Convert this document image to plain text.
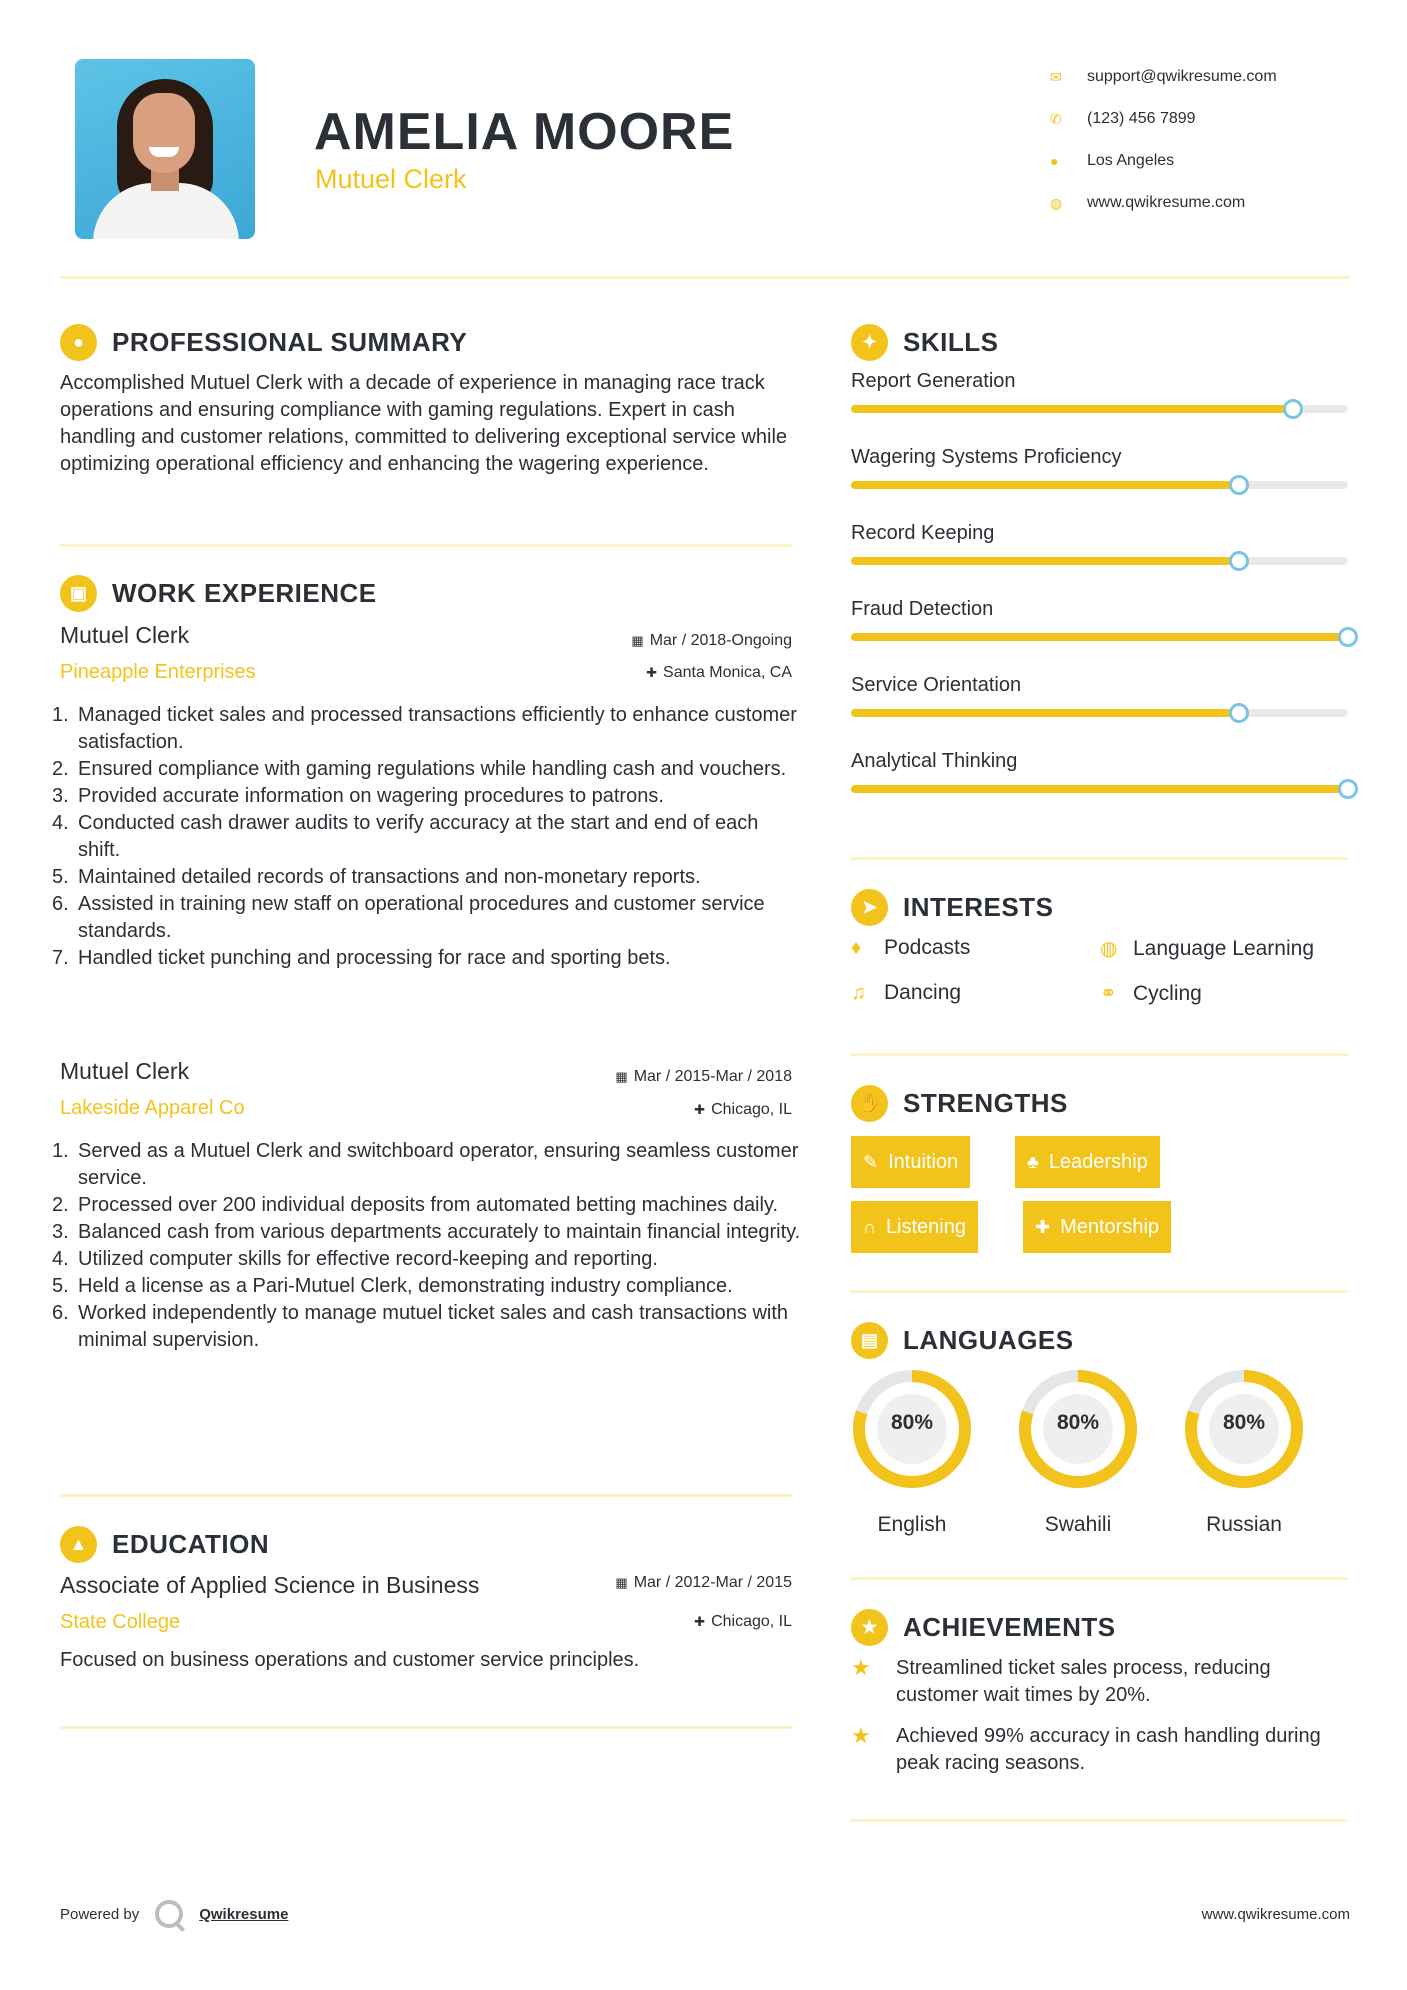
AMELIA MOORE
Mutuel Clerk
✉	support@qwikresume.com
✆	(123) 456 7899
●	Los Angeles
◍	www.qwikresume.com
●	PROFESSIONAL SUMMARY
Accomplished Mutuel Clerk with a decade of experience in managing race track operations and ensuring compliance with gaming regulations. Expert in cash handling and customer relations, committed to delivering exceptional service while optimizing operational efficiency and enhancing the wagering experience.
▣ WORK EXPERIENCE
Mutuel Clerk
Pineapple Enterprises
▦ Mar / 2018-Ongoing
✚ Santa Monica, CA
1. Managed ticket sales and processed transactions efficiently to enhance customer satisfaction.
2. Ensured compliance with gaming regulations while handling cash and vouchers.
3. Provided accurate information on wagering procedures to patrons.
4. Conducted cash drawer audits to verify accuracy at the start and end of each shift.
5. Maintained detailed records of transactions and non-monetary reports.
6. Assisted in training new staff on operational procedures and customer service standards.
7. Handled ticket punching and processing for race and sporting bets.
Mutuel Clerk
Lakeside Apparel Co
▦ Mar / 2015-Mar / 2018
✚ Chicago, IL
1. Served as a Mutuel Clerk and switchboard operator, ensuring seamless customer service.
2. Processed over 200 individual deposits from automated betting machines daily.
3. Balanced cash from various departments accurately to maintain financial integrity.
4. Utilized computer skills for effective record-keeping and reporting.
5. Held a license as a Pari-Mutuel Clerk, demonstrating industry compliance.
6. Worked independently to manage mutuel ticket sales and cash transactions with minimal supervision.
▲ EDUCATION
Associate of Applied Science in Business
State College
▦ Mar / 2012-Mar / 2015
✚ Chicago, IL
Focused on business operations and customer service principles.
✦ SKILLS
Report Generation
Wagering Systems Proficiency
Record Keeping
Fraud Detection
Service Orientation
Analytical Thinking
➤ INTERESTS
♦	Podcasts	◍ Language Learning
♫ Dancing	⚭ Cycling
✋ STRENGTHS
✎ Intuition	♣ Leadership
∩ Listening	✚ Mentorship
▤ LANGUAGES
80%
English
80%
Swahili
80%
Russian
★ ACHIEVEMENTS
★	Streamlined ticket sales process, reducing customer wait times by 20%.
★	Achieved 99% accuracy in cash handling during peak racing seasons.
Powered by	Qwikresume	www.qwikresume.com
